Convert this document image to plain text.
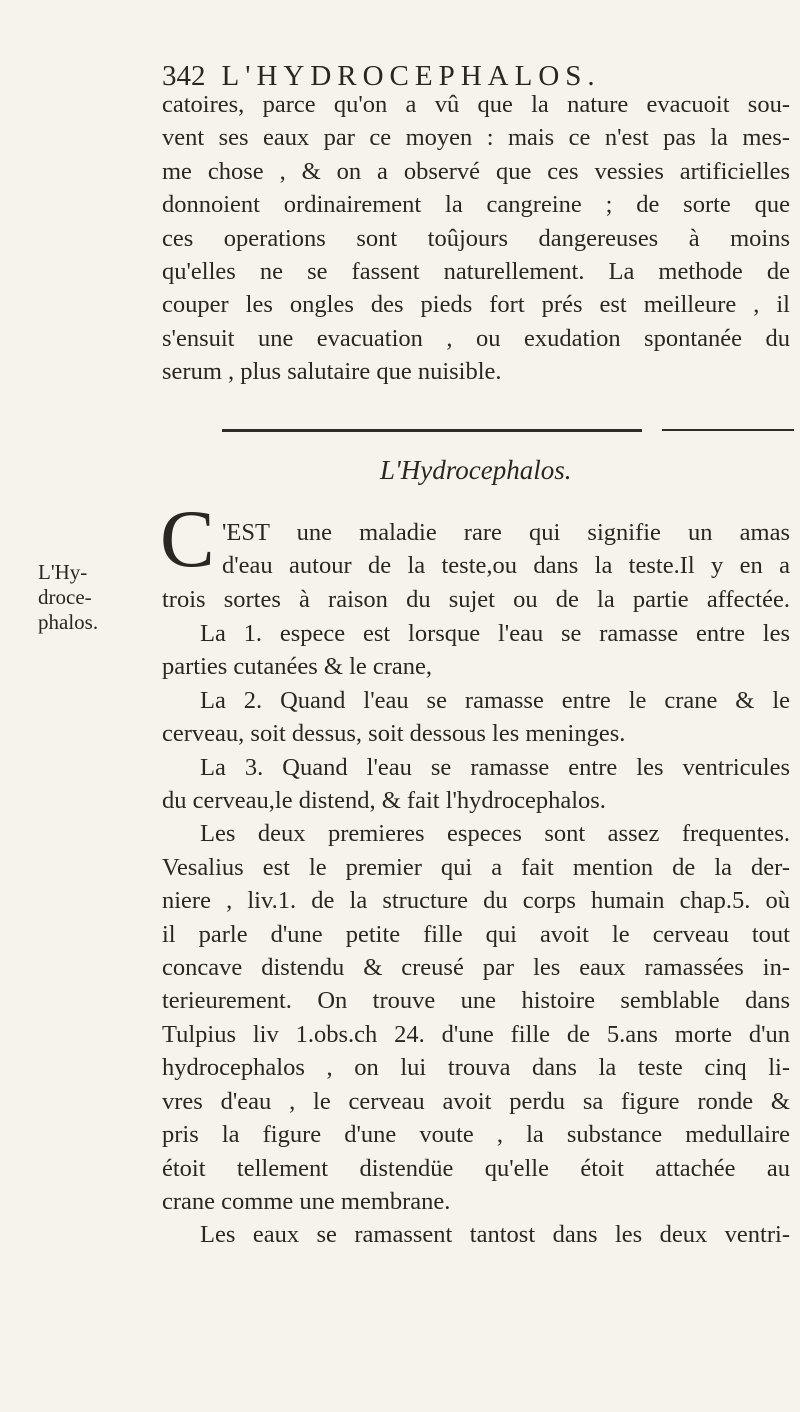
342 L'HYDROCEPHALOS.
catoires, parce qu'on a vû que la nature evacuoit sou-
vent ses eaux par ce moyen : mais ce n'est pas la mes-
me chose , & on a observé que ces vessies artificielles
donnoient ordinairement la cangreine ; de sorte que
ces operations sont toûjours dangereuses à moins
qu'elles ne se fassent naturellement. La methode de
couper les ongles des pieds fort prés est meilleure , il
s'ensuit une evacuation , ou exudation spontanée du
serum , plus salutaire que nuisible.
L'Hydrocephalos.
L'Hy-
droce-
phalos.
C 'EST une maladie rare qui signifie un amas
d'eau autour de la teste,ou dans la teste.Il y en a
trois sortes à raison du sujet ou de la partie affectée.
La 1. espece est lorsque l'eau se ramasse entre les
parties cutanées & le crane,
La 2. Quand l'eau se ramasse entre le crane & le
cerveau, soit dessus, soit dessous les meninges.
La 3. Quand l'eau se ramasse entre les ventricules
du cerveau,le distend, & fait l'hydrocephalos.
Les deux premieres especes sont assez frequentes.
Vesalius est le premier qui a fait mention de la der-
niere , liv.1. de la structure du corps humain chap.5. où
il parle d'une petite fille qui avoit le cerveau tout
concave distendu & creusé par les eaux ramassées in-
terieurement. On trouve une histoire semblable dans
Tulpius liv 1.obs.ch 24. d'une fille de 5.ans morte d'un
hydrocephalos , on lui trouva dans la teste cinq li-
vres d'eau , le cerveau avoit perdu sa figure ronde &
pris la figure d'une voute , la substance medullaire
étoit tellement distendüe qu'elle étoit attachée au
crane comme une membrane.
Les eaux se ramassent tantost dans les deux ventri-
